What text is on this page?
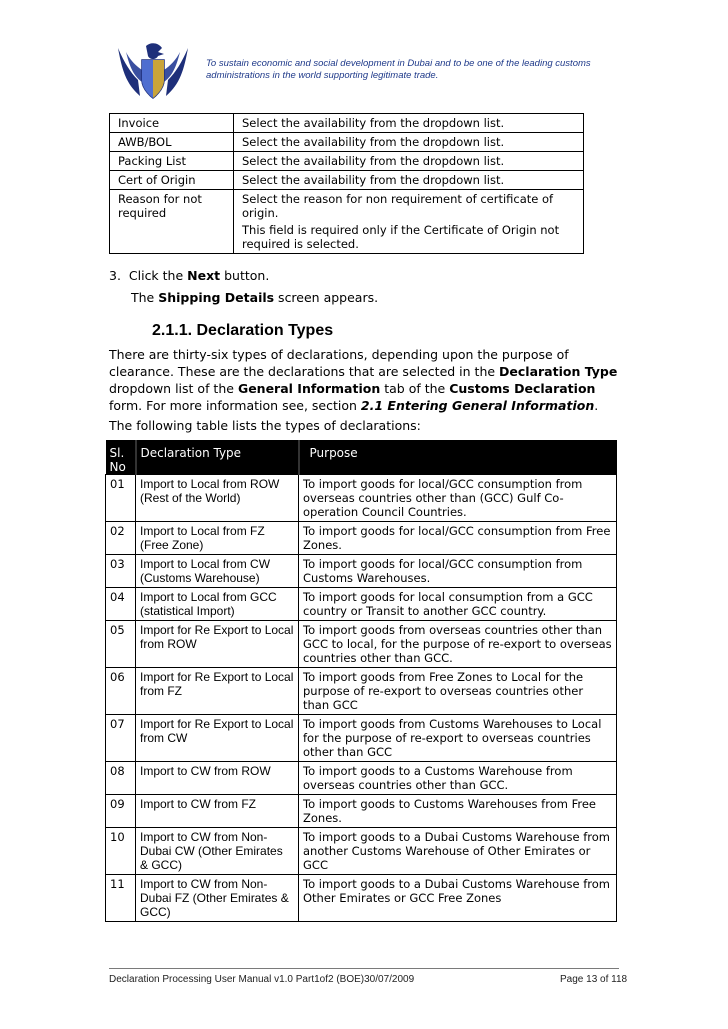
To sustain economic and social development in Dubai and to be one of the leading customs administrations in the world supporting legitimate trade.
Invoice	Select the availability from the dropdown list.

AWB/BOL	Select the availability from the dropdown list.

Packing List	Select the availability from the dropdown list.

Cert of Origin	Select the availability from the dropdown list.

Reason for not required	Select the reason for non requirement of certificate of origin.

This field is required only if the Certificate of Origin not required is selected.

3. Click the Next button.
The Shipping Details screen appears.
2.1.1. Declaration Types

There are thirty-six types of declarations, depending upon the purpose of clearance. These are the declarations that are selected in the Declaration Type dropdown list of the General Information tab of the Customs Declaration form. For more information see, section 2.1 Entering General Information.

The following table lists the types of declarations:
Sl. No	Declaration Type	Purpose
01	Import to Local from ROW (Rest of the World)	To import goods for local/GCC consumption from overseas countries other than (GCC) Gulf Co-operation Council Countries.
02	Import to Local from FZ (Free Zone)	To import goods for local/GCC consumption from Free Zones.
03	Import to Local from CW (Customs Warehouse)	To import goods for local/GCC consumption from Customs Warehouses.
04	Import to Local from GCC (statistical Import)	To import goods for local consumption from a GCC country or Transit to another GCC country.
05	Import for Re Export to Local from ROW	To import goods from overseas countries other than GCC to local, for the purpose of re-export to overseas countries other than GCC.
06	Import for Re Export to Local from FZ	To import goods from Free Zones to Local for the purpose of re-export to overseas countries other than GCC
07	Import for Re Export to Local from CW	To import goods from Customs Warehouses to Local for the purpose of re-export to overseas countries other than GCC
08	Import to CW from ROW	To import goods to a Customs Warehouse from overseas countries other than GCC.
09	Import to CW from FZ	To import goods to Customs Warehouses from Free Zones.
10	Import to CW from Non-Dubai CW (Other Emirates & GCC)	To import goods to a Dubai Customs Warehouse from another Customs Warehouse of Other Emirates or GCC
11	Import to CW from Non-Dubai FZ (Other Emirates & GCC)	To import goods to a Dubai Customs Warehouse from Other Emirates or GCC Free Zones
Declaration Processing User Manual v1.0 Part1of2 (BOE)30/07/2009	Page 13 of 118
